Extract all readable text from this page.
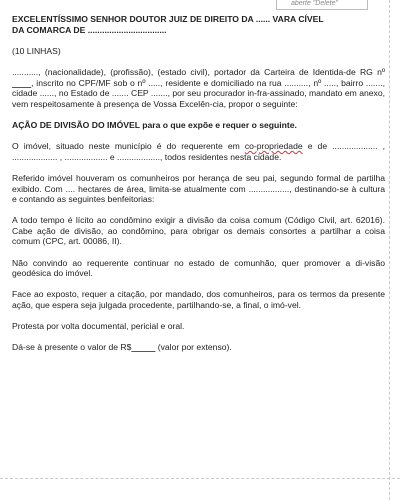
aberte "Delete"

EXCELENTÍSSIMO SENHOR DOUTOR JUIZ DE DIREITO DA ...... VARA CÍVEL
DA COMARCA DE .................................

(10 LINHAS)

..........., (nacionalidade), (profissão), (estado civil), portador da Carteira de Identida-de RG nº ____, inscrito no CPF/MF sob o nº ....., residente e domiciliado na rua .........., nº ....., bairro ......., cidade ......, no Estado de ....... CEP ......., por seu procurador in-fra-assinado, mandato em anexo, vem respeitosamente à presença de Vossa Excelên-cia, propor o seguinte:

AÇÃO DE DIVISÃO DO IMÓVEL para o que expõe e requer o seguinte.

O imóvel, situado neste município é do requerente em co-propriedade e de ................... , ................... , .................. e .................., todos residentes nesta cidade.

Referido imóvel houveram os comunheiros por herança de seu pai, segundo formal de partilha exibido. Com .... hectares de área, limita-se atualmente com ................., destinando-se à cultura e contando as seguintes benfeitorias:

A todo tempo é lícito ao condômino exigir a divisão da coisa comum (Código Civil, art. 62016). Cabe ação de divisão, ao condômino, para obrigar os demais consortes a partilhar a coisa comum (CPC, art. 00086, II).

Não convindo ao requerente continuar no estado de comunhão, quer promover a di-visão geodésica do imóvel.

Face ao exposto, requer a citação, por mandado, dos comunheiros, para os termos da presente ação, que espera seja julgada procedente, partilhando-se, a final, o imó-vel.

Protesta por volta documental, pericial e oral.

Dá-se à presente o valor de R$_____ (valor por extenso).
